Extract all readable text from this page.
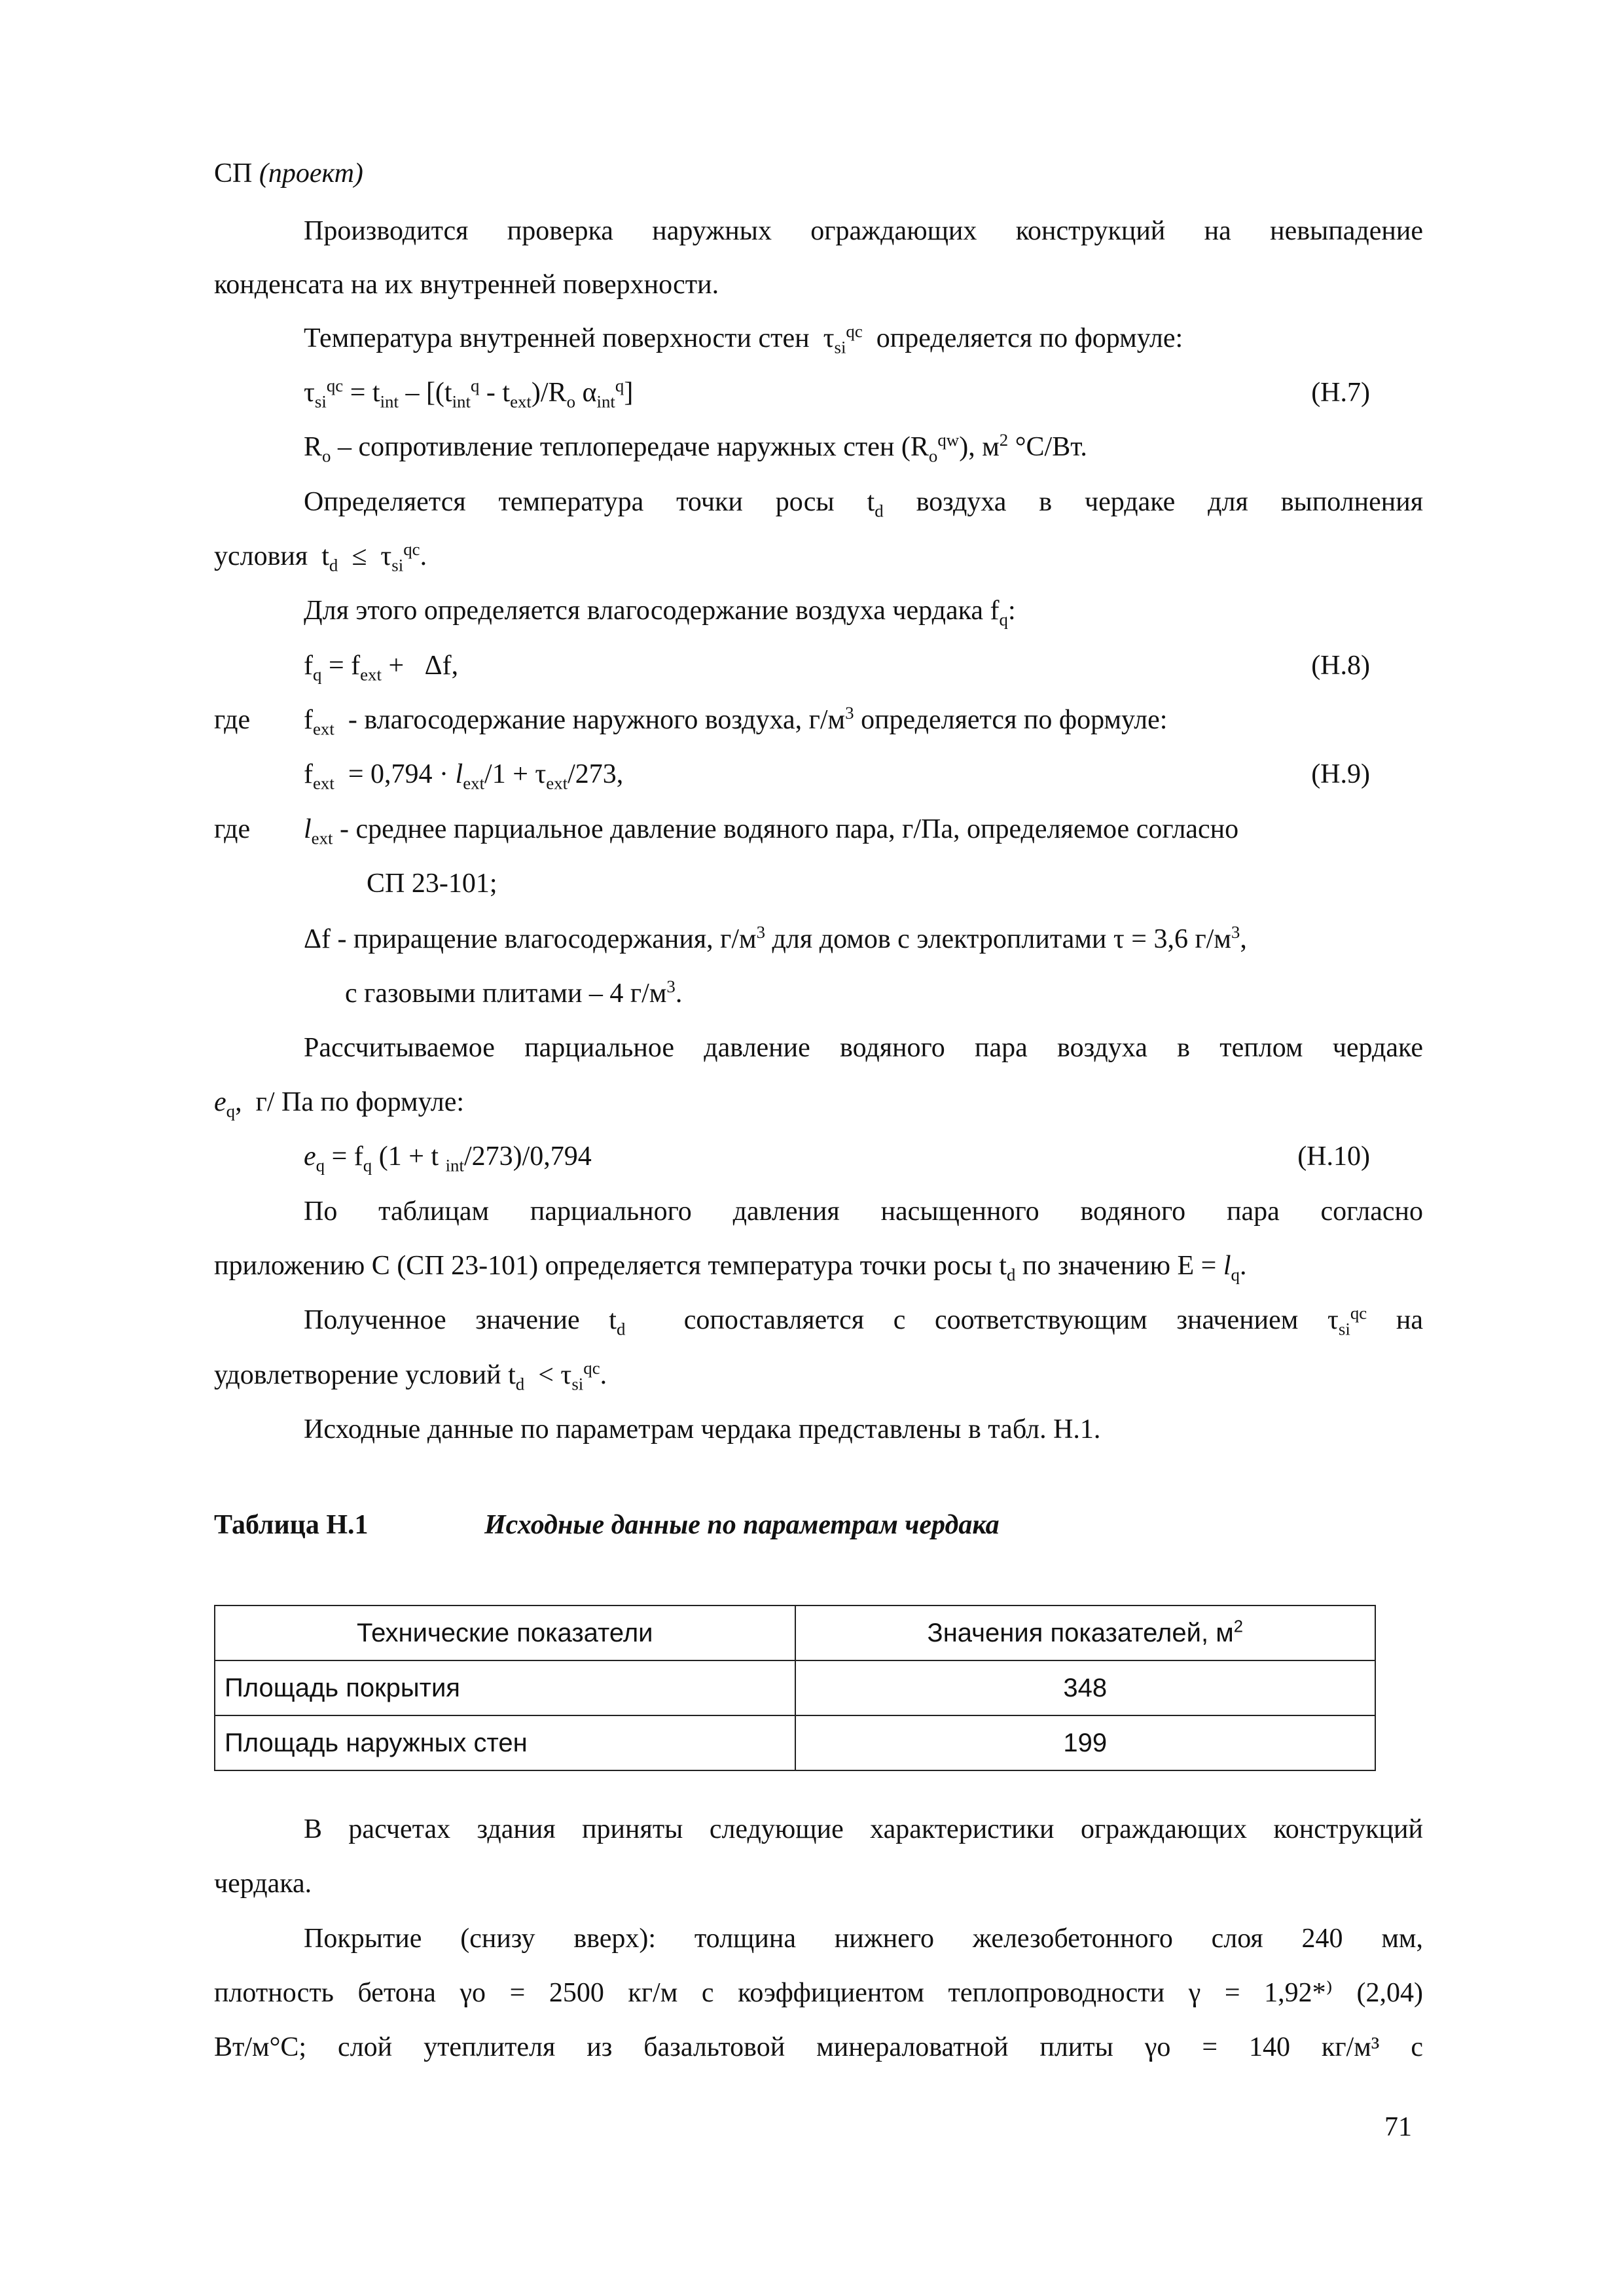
СП (проект)
Производится проверка наружных ограждающих конструкций на невыпадение
конденсата на их внутренней поверхности.
Температура внутренней поверхности стен  $\tau_{si}^{qc}$ определяется по формуле:
$\tau_{si}^{qc} = t_{int} - [(t_{int}^q - t_{ext})/R_o$ $\alpha_{int}^q$]	(Н.7)
$R_o$ – сопротивление теплопередаче наружных стен $(R_o^{qw})$, $м^2$ °С/Вт.
Определяется температура точки росы $t_d$ воздуха в чердаке для выполнения
условия  $t_d \le \tau_{si}^{qc}$.
Для этого определяется влагосодержание воздуха чердака $f_q$:
$f_q = f_{ext} + \Delta f$,	(Н.8)
где $f_{ext}$ - влагосодержание наружного воздуха, $г/м^3$ определяется по формуле:
$f_{ext} = 0,794 \cdot l_{ext}/1 + \tau_{ext}/273$,	(Н.9)
где $l_{ext}$ - среднее парциальное давление водяного пара, г/Па, определяемое согласно
СП 23-101;
Δf - приращение влагосодержания, $г/м^3$ для домов с электроплитами τ = 3,6 $г/м^3$,
с газовыми плитами – 4 $г/м^3$.
Рассчитываемое парциальное давление водяного пара воздуха в теплом чердаке
$e_q$,  г/ Па по формуле:
$e_q = f_q$ (1 + t $_{int}$/273)/0,794	(Н.10)
По таблицам парциального давления насыщенного водяного пара согласно
приложению С (СП 23-101) определяется температура точки росы $t_d$ по значению $Е = l_q$.
Полученное значение $t_d$ сопоставляется с соответствующим значением $\tau_{si}^{qc}$ на
удовлетворение условий $t_d < \tau_{si}^{qc}$.
Исходные данные по параметрам чердака представлены в табл. Н.1.
Таблица Н.1	Исходные данные по параметрам чердака
Технические показатели	Значения показателей, $м^2$
Площадь покрытия	348
Площадь наружных стен	199
В расчетах здания приняты следующие характеристики ограждающих конструкций
чердака.
Покрытие (снизу вверх): толщина нижнего железобетонного слоя 240 мм,
плотность бетона γo = 2500 кг/м с коэффициентом теплопроводности γ = 1,92*⁾ (2,04)
Вт/м°С; слой утеплителя из базальтовой минераловатной плиты γo = 140 кг/м³ с
71
